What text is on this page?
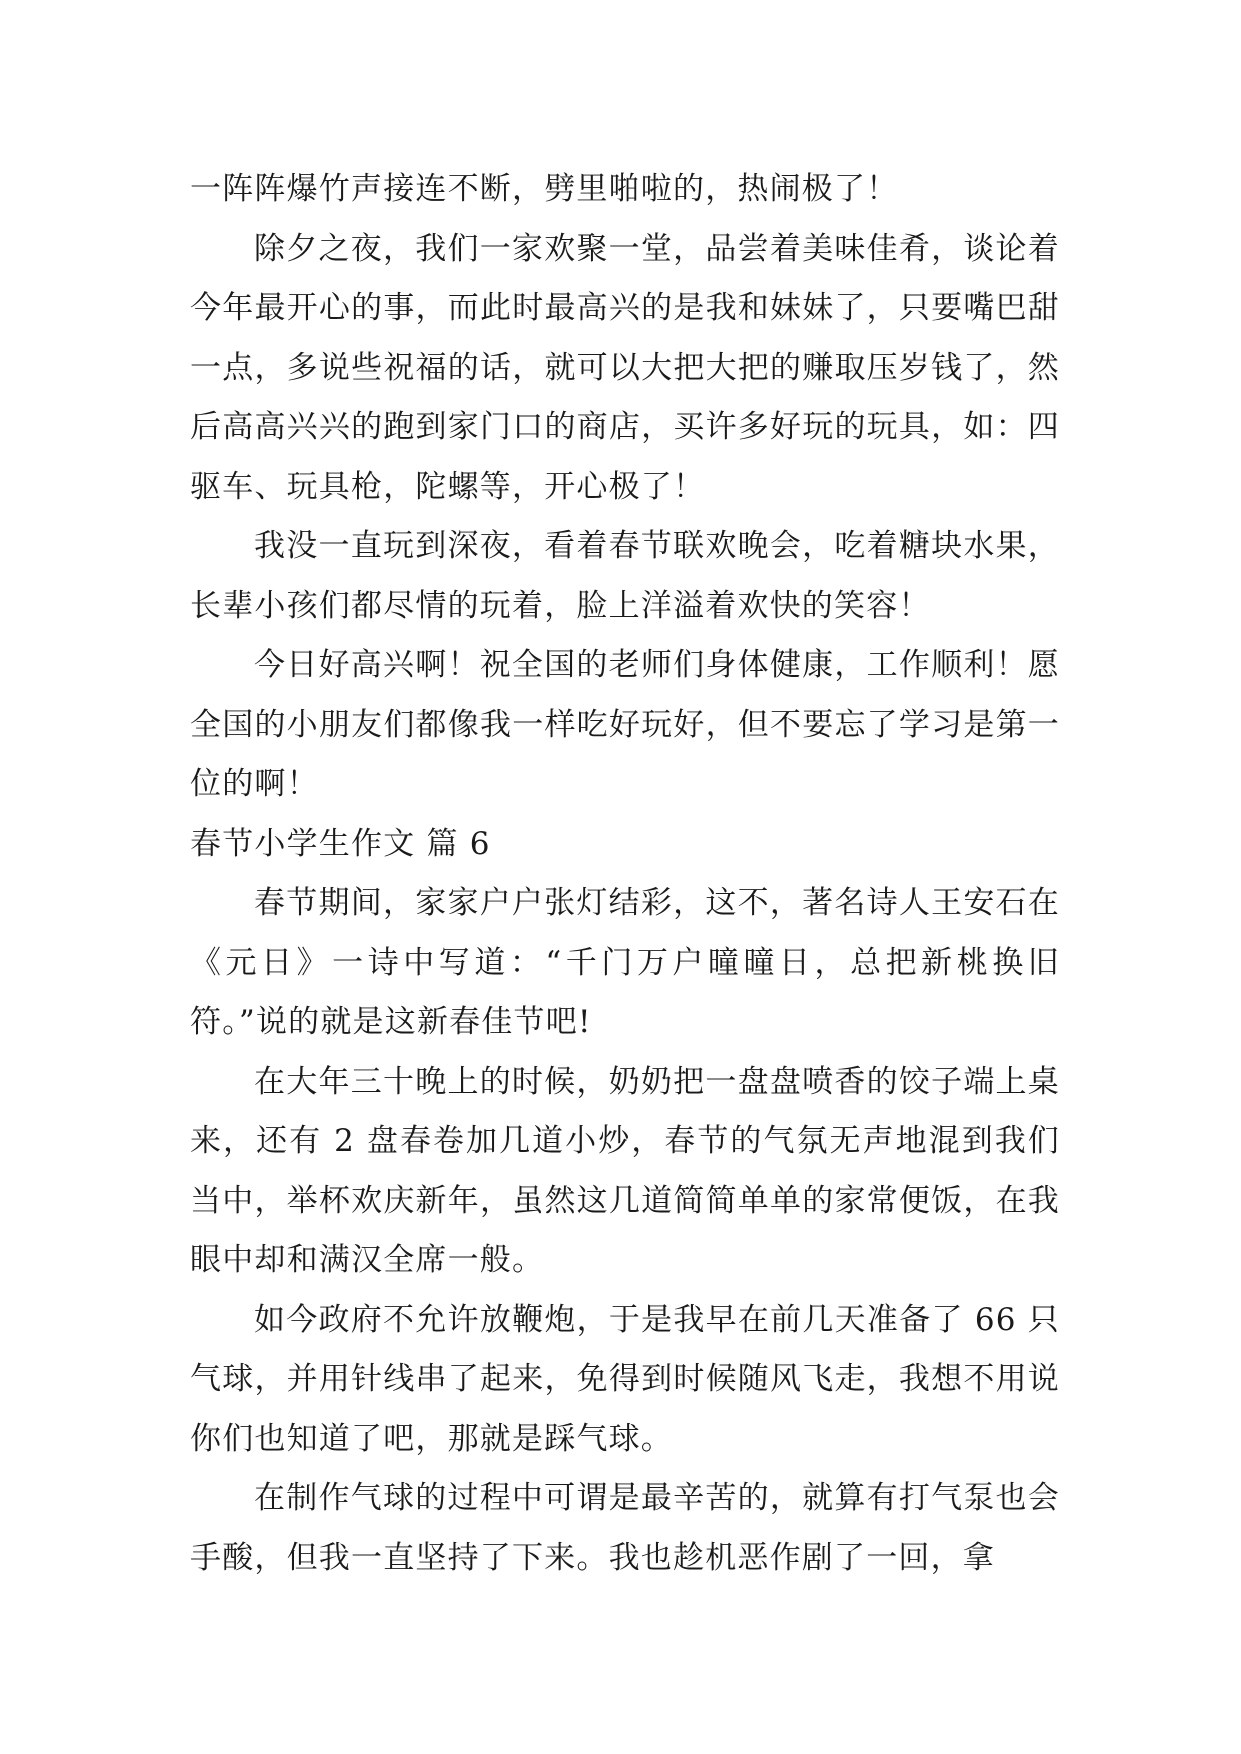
一阵阵爆竹声接连不断，劈里啪啦的，热闹极了！

除夕之夜，我们一家欢聚一堂，品尝着美味佳肴，谈论着今年最开心的事，而此时最高兴的是我和妹妹了，只要嘴巴甜一点，多说些祝福的话，就可以大把大把的赚取压岁钱了，然后高高兴兴的跑到家门口的商店，买许多好玩的玩具，如：四驱车、玩具枪，陀螺等，开心极了！

我没一直玩到深夜，看着春节联欢晚会，吃着糖块水果，长辈小孩们都尽情的玩着，脸上洋溢着欢快的笑容！

今日好高兴啊！祝全国的老师们身体健康，工作顺利！愿全国的小朋友们都像我一样吃好玩好，但不要忘了学习是第一位的啊！

春节小学生作文 篇 6

春节期间，家家户户张灯结彩，这不，著名诗人王安石在《元日》一诗中写道：“千门万户曈曈日，总把新桃换旧符。”说的就是这新春佳节吧!

在大年三十晚上的时候，奶奶把一盘盘喷香的饺子端上桌来，还有 2 盘春卷加几道小炒，春节的气氛无声地混到我们当中，举杯欢庆新年，虽然这几道简简单单的家常便饭，在我眼中却和满汉全席一般。

如今政府不允许放鞭炮，于是我早在前几天准备了 66 只气球，并用针线串了起来，免得到时候随风飞走，我想不用说你们也知道了吧，那就是踩气球。

在制作气球的过程中可谓是最辛苦的，就算有打气泵也会手酸，但我一直坚持了下来。我也趁机恶作剧了一回，拿
